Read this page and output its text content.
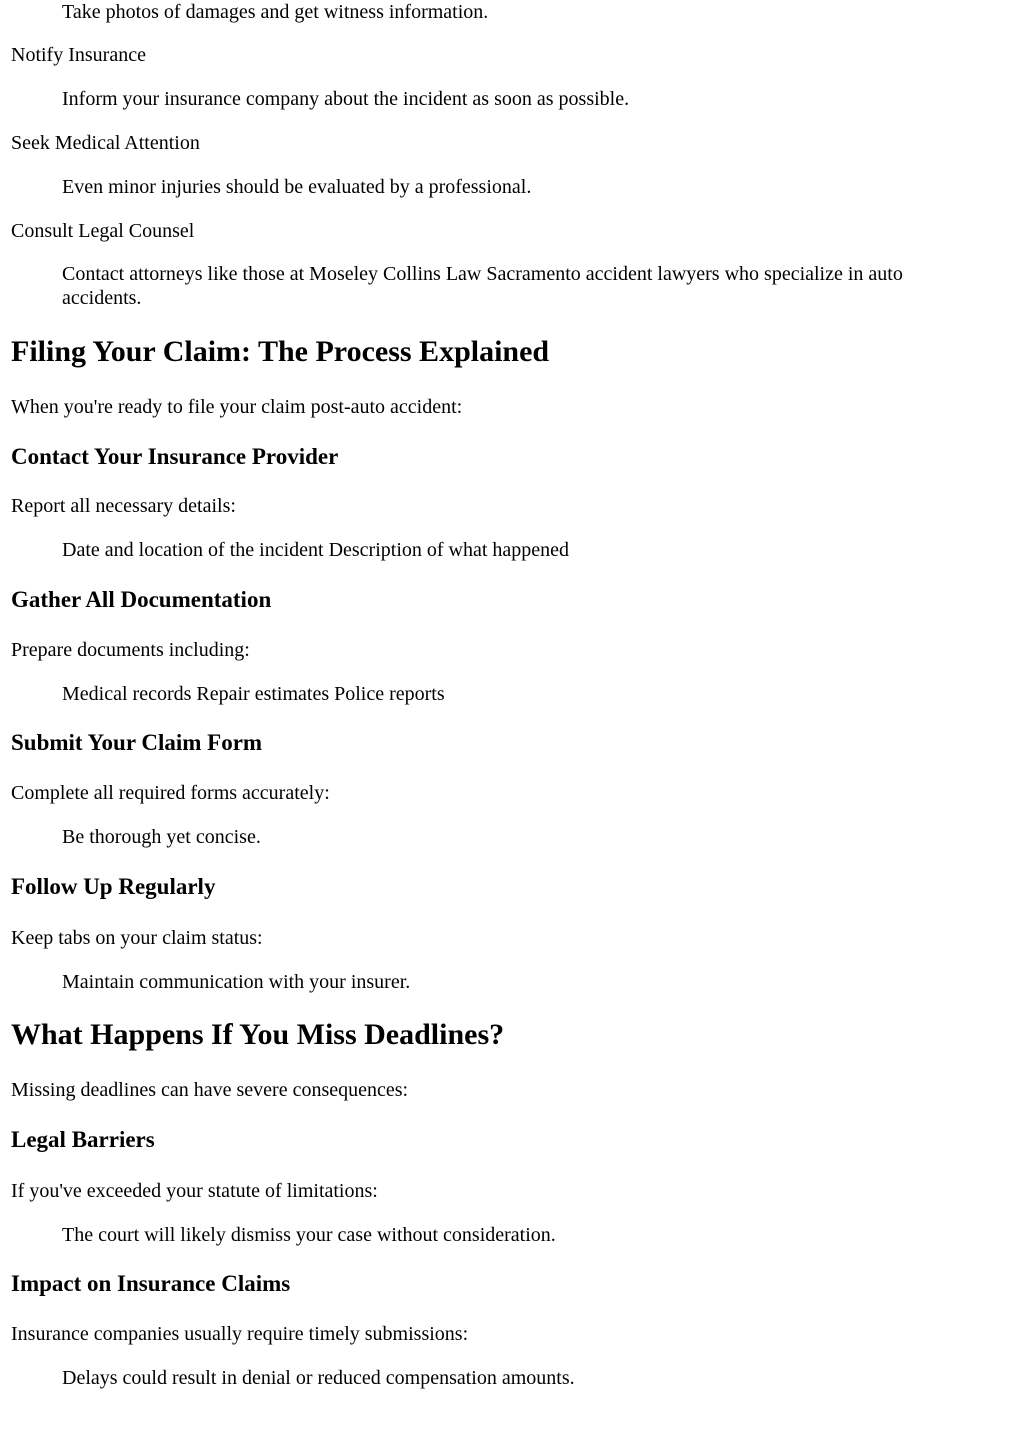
Take photos of damages and get witness information.

Notify Insurance

Inform your insurance company about the incident as soon as possible.

Seek Medical Attention

Even minor injuries should be evaluated by a professional.

Consult Legal Counsel

Contact attorneys like those at Moseley Collins Law Sacramento accident lawyers who specialize in auto accidents.

Filing Your Claim: The Process Explained

When you're ready to file your claim post-auto accident:

Contact Your Insurance Provider

Report all necessary details:

Date and location of the incident Description of what happened

Gather All Documentation

Prepare documents including:

Medical records Repair estimates Police reports

Submit Your Claim Form

Complete all required forms accurately:

Be thorough yet concise.

Follow Up Regularly

Keep tabs on your claim status:

Maintain communication with your insurer.

What Happens If You Miss Deadlines?

Missing deadlines can have severe consequences:

Legal Barriers

If you've exceeded your statute of limitations:

The court will likely dismiss your case without consideration.

Impact on Insurance Claims

Insurance companies usually require timely submissions:

Delays could result in denial or reduced compensation amounts.
